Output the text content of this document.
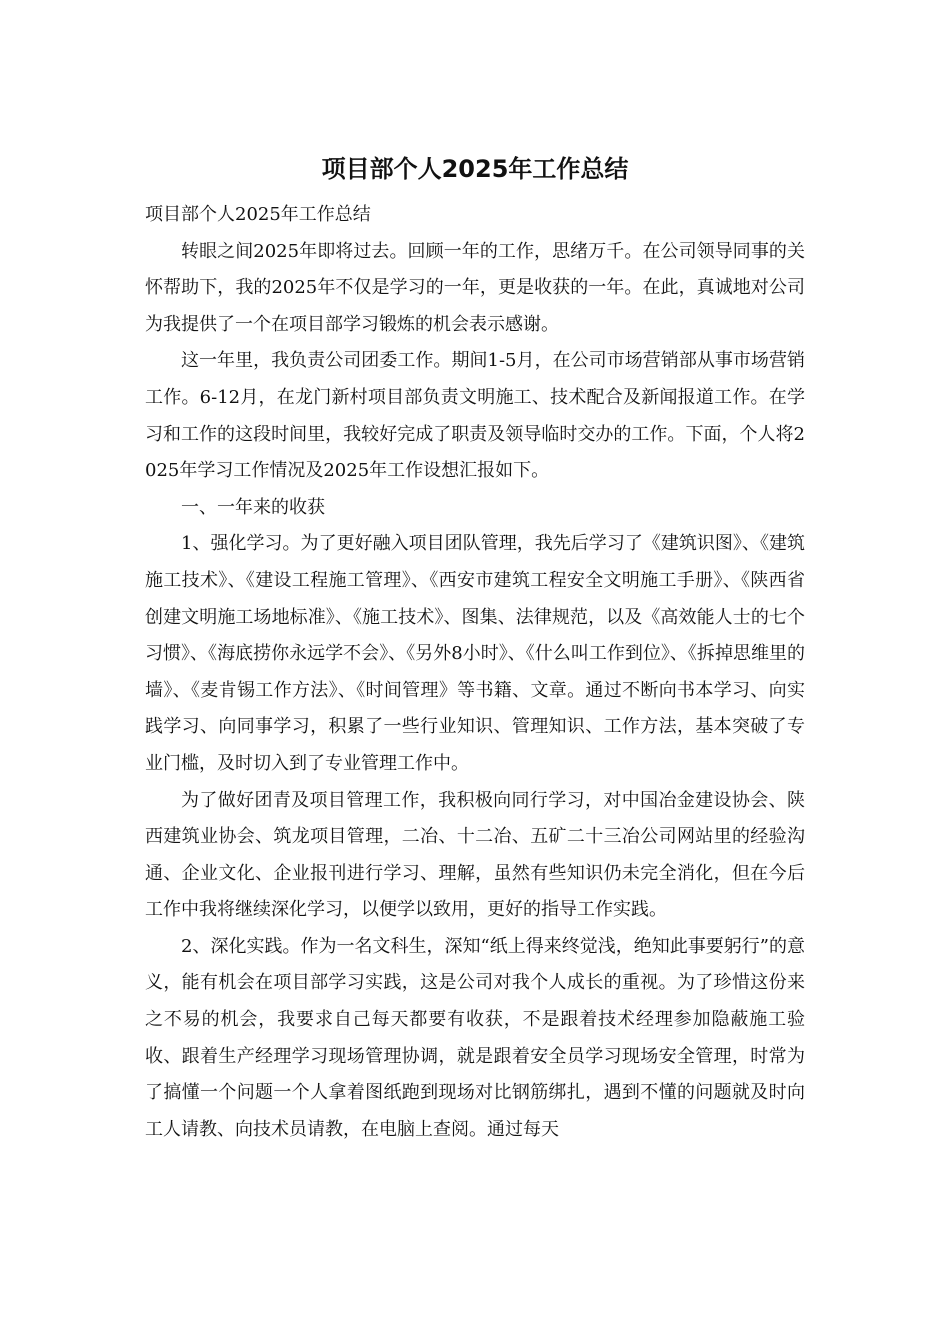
项目部个人2025年工作总结

项目部个人2025年工作总结

转眼之间2025年即将过去。回顾一年的工作，思绪万千。在公司领导同事的关怀帮助下，我的2025年不仅是学习的一年，更是收获的一年。在此，真诚地对公司为我提供了一个在项目部学习锻炼的机会表示感谢。

这一年里，我负责公司团委工作。期间1-5月，在公司市场营销部从事市场营销工作。6-12月，在龙门新村项目部负责文明施工、技术配合及新闻报道工作。在学习和工作的这段时间里，我较好完成了职责及领导临时交办的工作。下面，个人将2025年学习工作情况及2025年工作设想汇报如下。

一、一年来的收获

1、强化学习。为了更好融入项目团队管理，我先后学习了《建筑识图》、《建筑施工技术》、《建设工程施工管理》、《西安市建筑工程安全文明施工手册》、《陕西省创建文明施工场地标准》、《施工技术》、图集、法律规范，以及《高效能人士的七个习惯》、《海底捞你永远学不会》、《另外8小时》、《什么叫工作到位》、《拆掉思维里的墙》、《麦肯锡工作方法》、《时间管理》等书籍、文章。通过不断向书本学习、向实践学习、向同事学习，积累了一些行业知识、管理知识、工作方法，基本突破了专业门槛，及时切入到了专业管理工作中。

为了做好团青及项目管理工作，我积极向同行学习，对中国冶金建设协会、陕西建筑业协会、筑龙项目管理，二冶、十二冶、五矿二十三冶公司网站里的经验沟通、企业文化、企业报刊进行学习、理解，虽然有些知识仍未完全消化，但在今后工作中我将继续深化学习，以便学以致用，更好的指导工作实践。

2、深化实践。作为一名文科生，深知“纸上得来终觉浅，绝知此事要躬行”的意义，能有机会在项目部学习实践，这是公司对我个人成长的重视。为了珍惜这份来之不易的机会，我要求自己每天都要有收获，不是跟着技术经理参加隐蔽施工验收、跟着生产经理学习现场管理协调，就是跟着安全员学习现场安全管理，时常为了搞懂一个问题一个人拿着图纸跑到现场对比钢筋绑扎，遇到不懂的问题就及时向工人请教、向技术员请教，在电脑上查阅。通过每天
